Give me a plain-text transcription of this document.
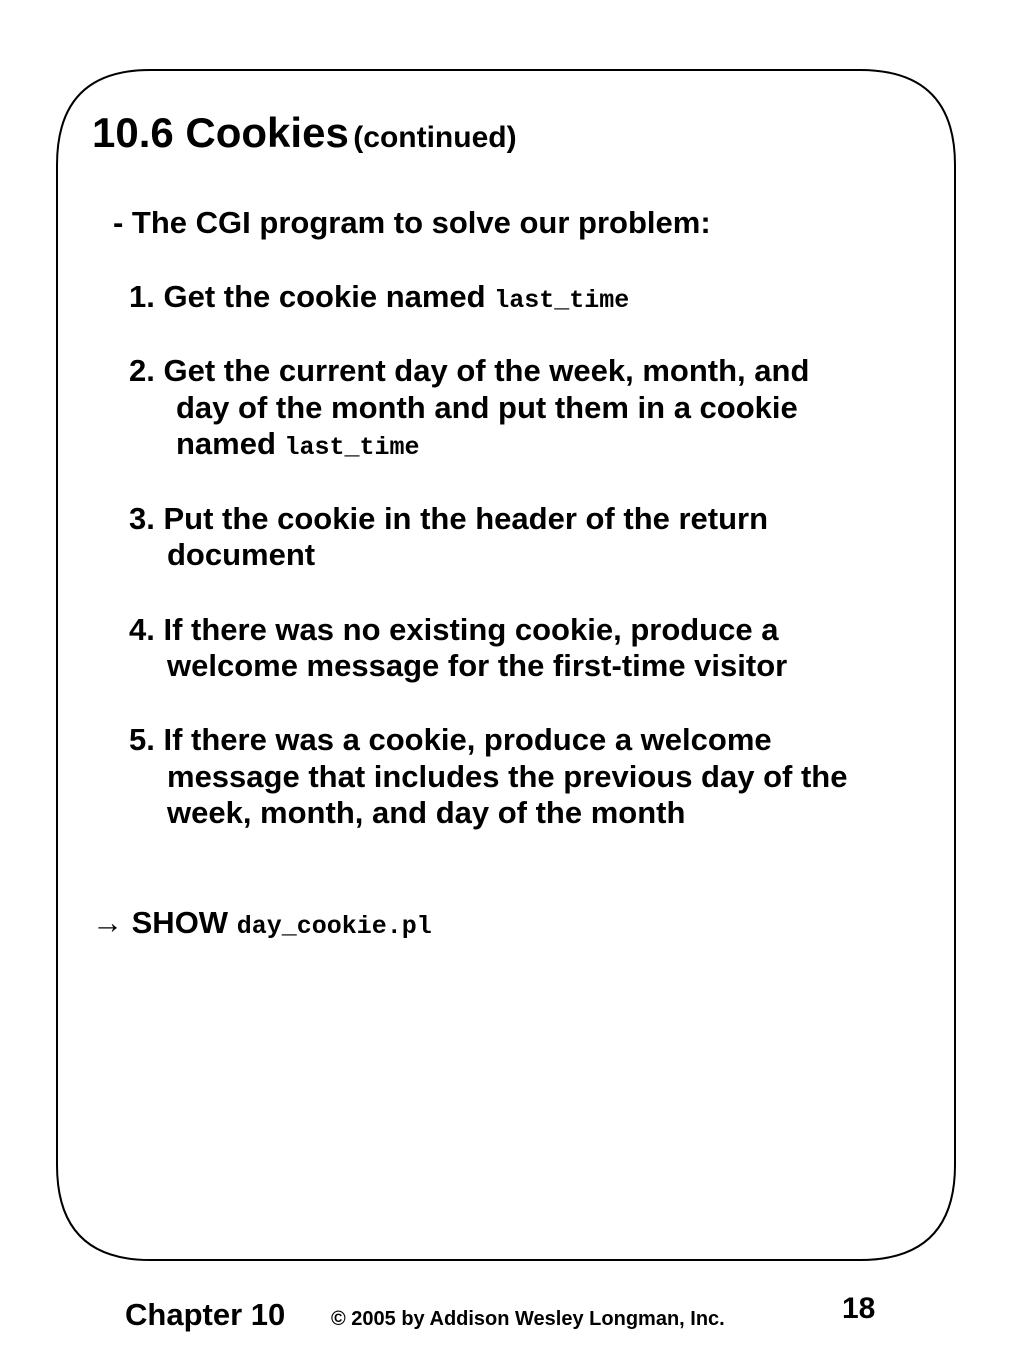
10.6 Cookies (continued)
- The CGI program to solve our problem:
1. Get the cookie named last_time
2. Get the current day of the week, month, and
day of the month and put them in a cookie
named last_time
3. Put the cookie in the header of the return
document
4. If there was no existing cookie, produce a
welcome message for the first-time visitor
5. If there was a cookie, produce a welcome
message that includes the previous day of the
week, month, and day of the month
→ SHOW day_cookie.pl
Chapter 10 © 2005 by Addison Wesley Longman, Inc.	18
